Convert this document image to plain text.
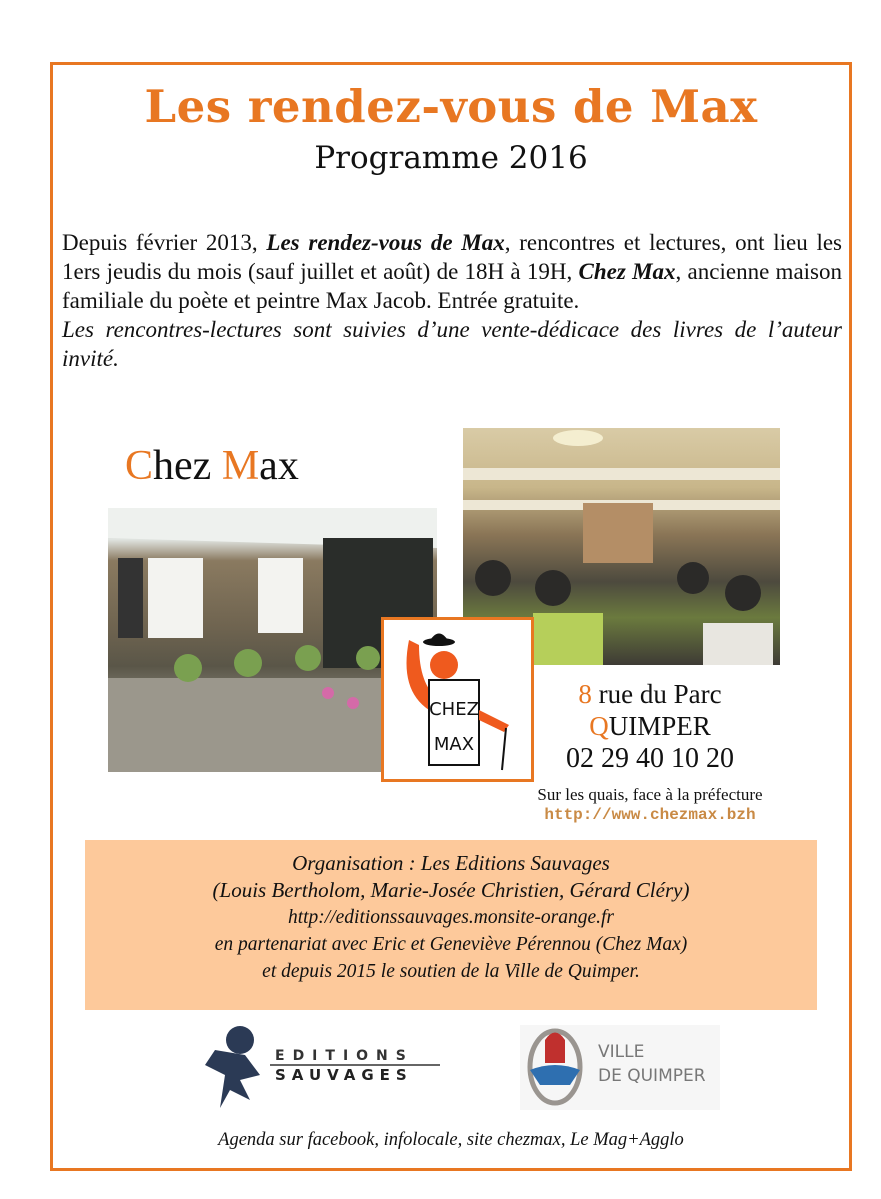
Les rendez-vous de Max
Programme 2016
Depuis février 2013, Les rendez-vous de Max, rencontres et lectures, ont lieu les 1ers jeudis du mois (sauf juillet et août) de 18H à 19H, Chez Max, ancienne maison familiale du poète et peintre Max Jacob. Entrée gratuite.
Les rencontres-lectures sont suivies d’une vente-dédicace des livres de l’auteur invité.
Chez Max
CHEZ
MAX
8 rue du Parc
QUIMPER
02 29 40 10 20
Sur les quais, face à la préfecture
http://www.chezmax.bzh
Organisation : Les Editions Sauvages
(Louis Bertholom, Marie-Josée Christien, Gérard Cléry)
http://editionssauvages.monsite-orange.fr
en partenariat avec Eric et Geneviève Pérennou (Chez Max)
et depuis 2015 le soutien de la Ville de Quimper.
EDITIONS
SAUVAGES
VILLE
DE QUIMPER
Agenda sur facebook, infolocale, site chezmax, Le Mag+Agglo
